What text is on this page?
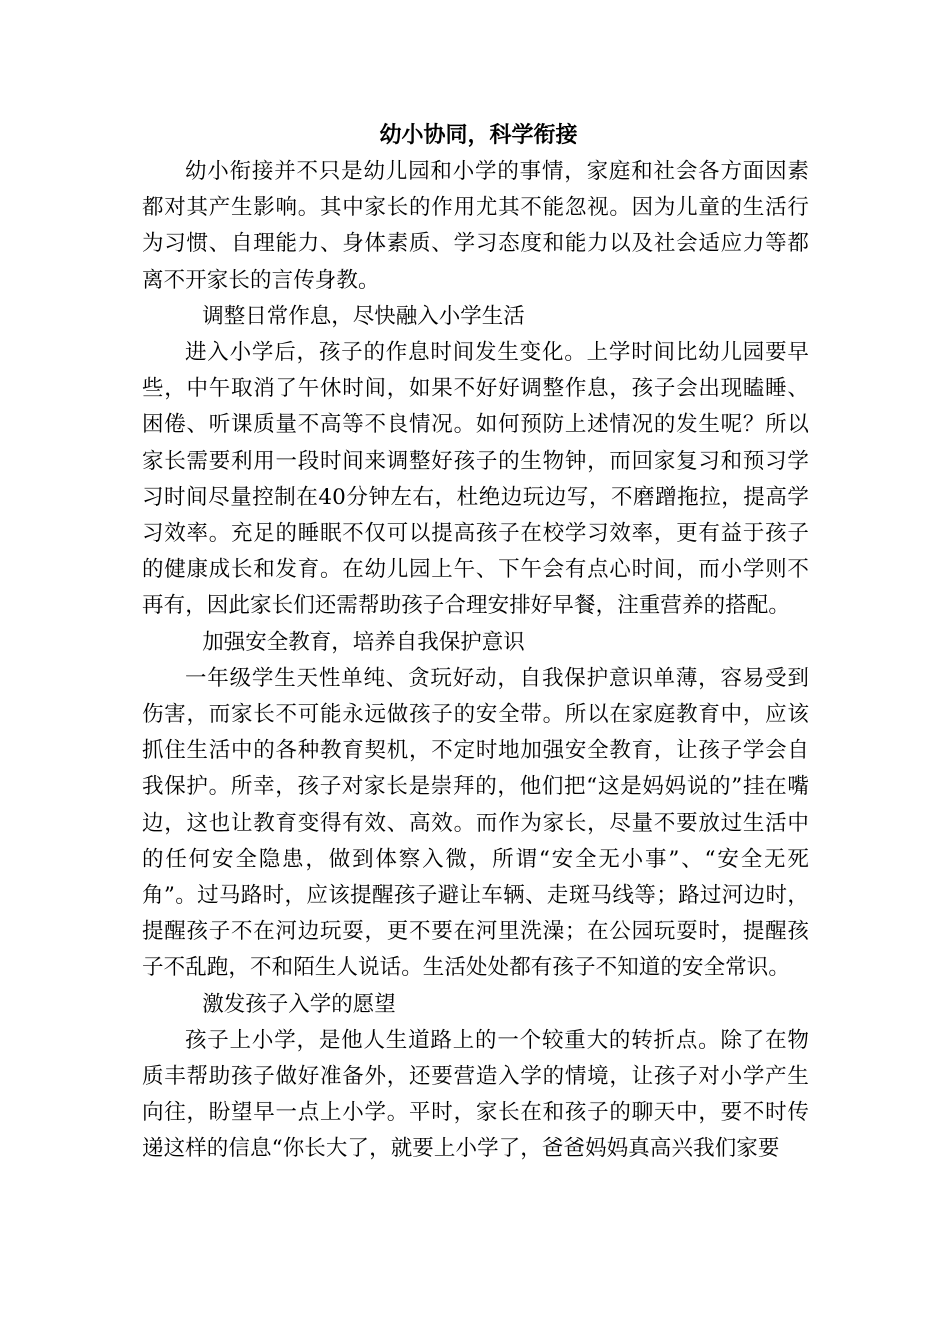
幼小协同，科学衔接

幼小衔接并不只是幼儿园和小学的事情，家庭和社会各方面因素都对其产生影响。其中家长的作用尤其不能忽视。因为儿童的生活行为习惯、自理能力、身体素质、学习态度和能力以及社会适应力等都离不开家长的言传身教。

调整日常作息，尽快融入小学生活

进入小学后，孩子的作息时间发生变化。上学时间比幼儿园要早些，中午取消了午休时间，如果不好好调整作息，孩子会出现瞌睡、困倦、听课质量不高等不良情况。如何预防上述情况的发生呢？所以家长需要利用一段时间来调整好孩子的生物钟，而回家复习和预习学习时间尽量控制在40分钟左右，杜绝边玩边写，不磨蹭拖拉，提高学习效率。充足的睡眠不仅可以提高孩子在校学习效率，更有益于孩子的健康成长和发育。在幼儿园上午、下午会有点心时间，而小学则不再有，因此家长们还需帮助孩子合理安排好早餐，注重营养的搭配。

加强安全教育，培养自我保护意识

一年级学生天性单纯、贪玩好动，自我保护意识单薄，容易受到伤害，而家长不可能永远做孩子的安全带。所以在家庭教育中，应该抓住生活中的各种教育契机，不定时地加强安全教育，让孩子学会自我保护。所幸，孩子对家长是崇拜的，他们把“这是妈妈说的”挂在嘴边，这也让教育变得有效、高效。而作为家长，尽量不要放过生活中的任何安全隐患，做到体察入微，所谓“安全无小事”、“安全无死角”。过马路时，应该提醒孩子避让车辆、走斑马线等；路过河边时，提醒孩子不在河边玩耍，更不要在河里洗澡；在公园玩耍时，提醒孩子不乱跑，不和陌生人说话。生活处处都有孩子不知道的安全常识。

激发孩子入学的愿望

孩子上小学，是他人生道路上的一个较重大的转折点。除了在物质丰帮助孩子做好准备外，还要营造入学的情境，让孩子对小学产生向往，盼望早一点上小学。平时，家长在和孩子的聊天中，要不时传递这样的信息“你长大了，就要上小学了，爸爸妈妈真高兴我们家要
